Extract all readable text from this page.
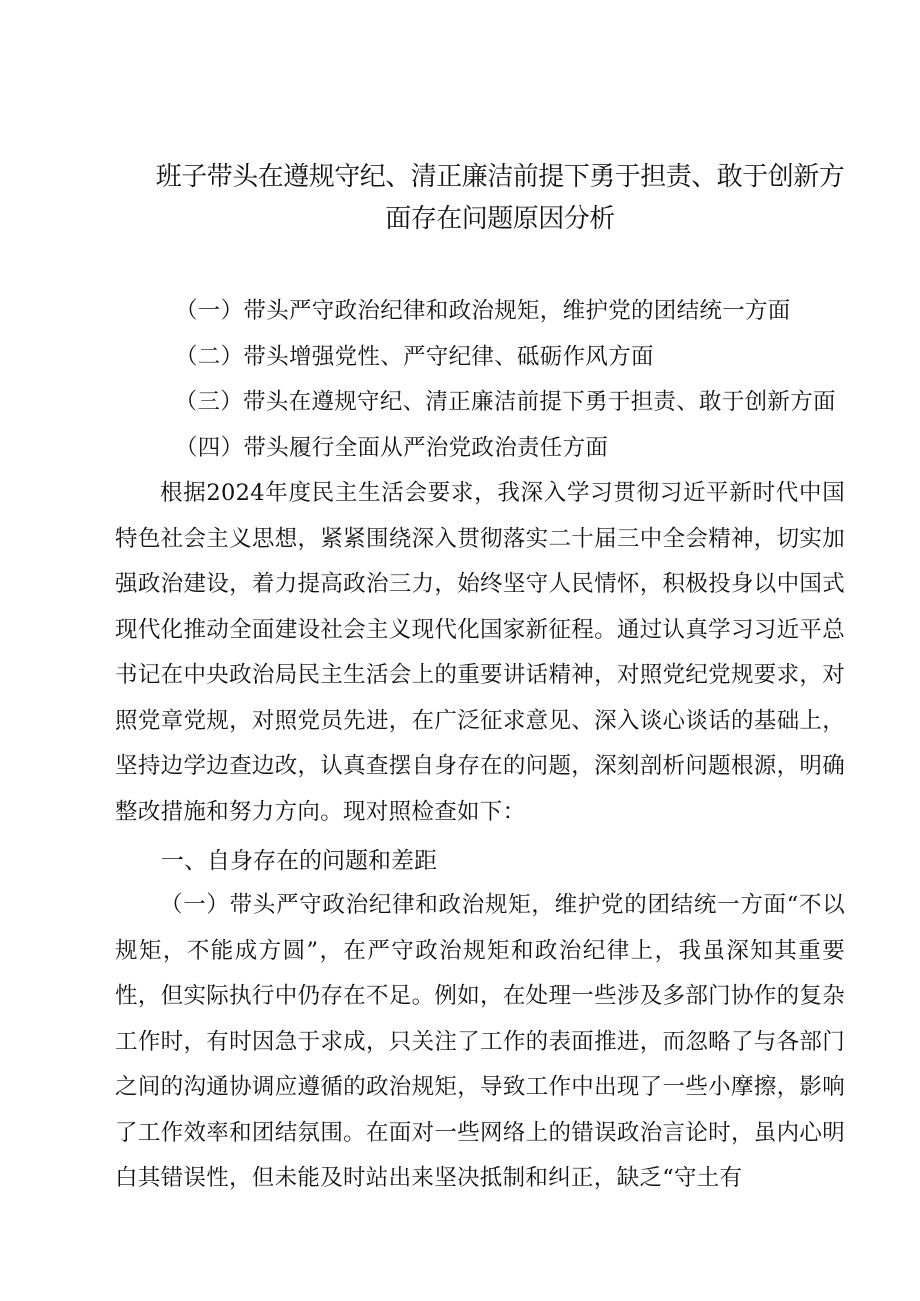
班子带头在遵规守纪、清正廉洁前提下勇于担责、敢于创新方面存在问题原因分析

（一）带头严守政治纪律和政治规矩，维护党的团结统一方面（二）带头增强党性、严守纪律、砥砺作风方面

（三）带头在遵规守纪、清正廉洁前提下勇于担责、敢于创新方面

（四）带头履行全面从严治党政治责任方面

根据2024年度民主生活会要求，我深入学习贯彻习近平新时代中国特色社会主义思想，紧紧围绕深入贯彻落实二十届三中全会精神，切实加强政治建设，着力提高政治三力，始终坚守人民情怀，积极投身以中国式现代化推动全面建设社会主义现代化国家新征程。通过认真学习习近平总书记在中央政治局民主生活会上的重要讲话精神，对照党纪党规要求，对照党章党规，对照党员先进，在广泛征求意见、深入谈心谈话的基础上，坚持边学边查边改，认真查摆自身存在的问题，深刻剖析问题根源，明确整改措施和努力方向。现对照检查如下：

一、自身存在的问题和差距

（一）带头严守政治纪律和政治规矩，维护党的团结统一方面“不以规矩，不能成方圆”，在严守政治规矩和政治纪律上，我虽深知其重要性，但实际执行中仍存在不足。例如，在处理一些涉及多部门协作的复杂工作时，有时因急于求成，只关注了工作的表面推进，而忽略了与各部门之间的沟通协调应遵循的政治规矩，导致工作中出现了一些小摩擦，影响了工作效率和团结氛围。在面对一些网络上的错误政治言论时，虽内心明白其错误性，但未能及时站出来坚决抵制和纠正，缺乏“守土有
